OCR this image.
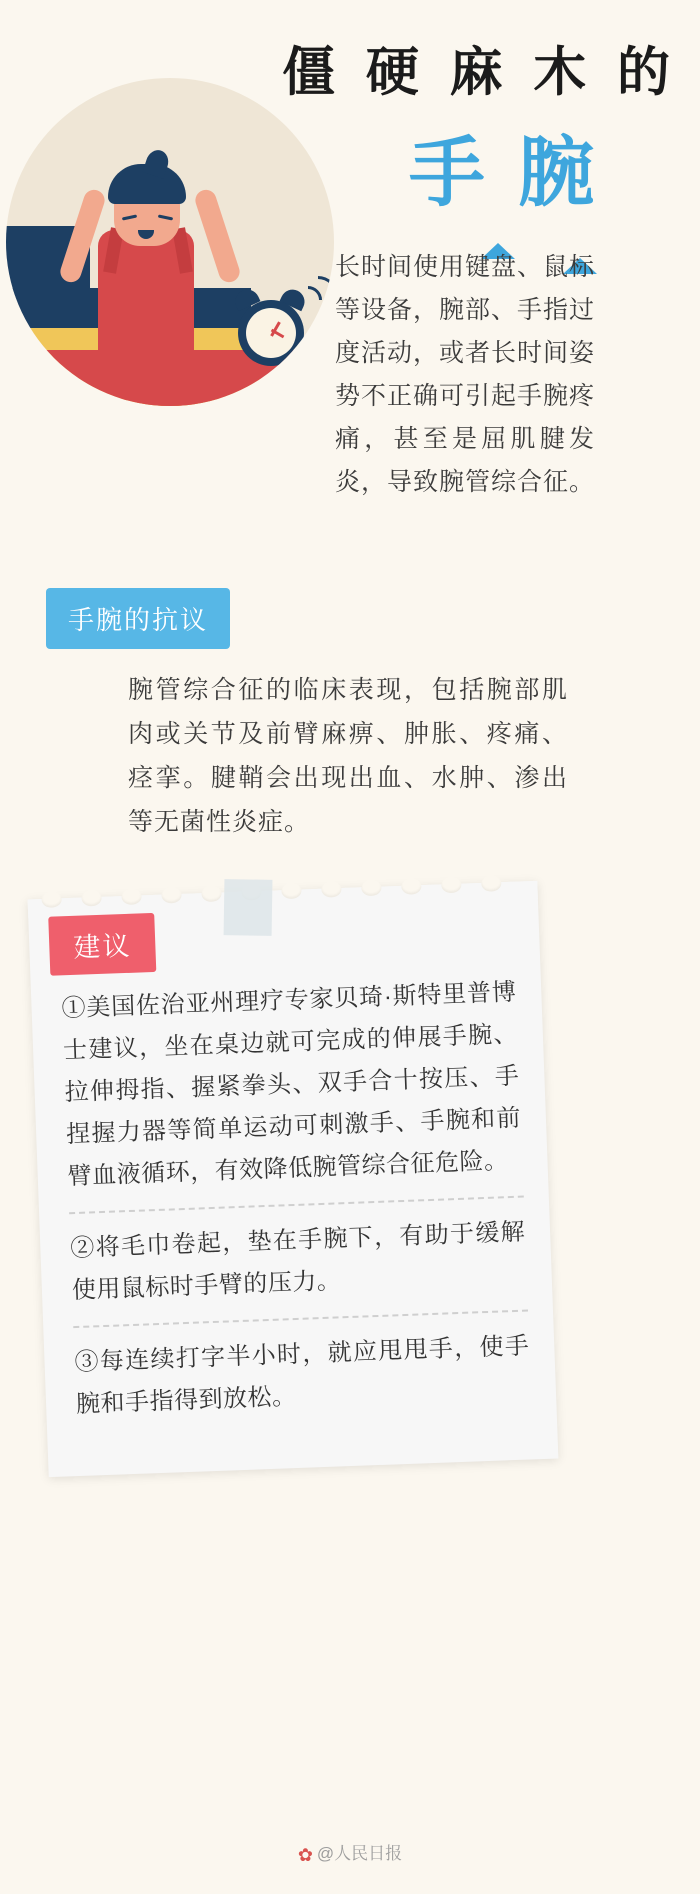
僵 硬 麻 木 的
手 腕
长时间使用键盘、鼠标等设备，腕部、手指过度活动，或者长时间姿势不正确可引起手腕疼痛，甚至是屈肌腱发炎，导致腕管综合征。
手腕的抗议
腕管综合征的临床表现，包括腕部肌肉或关节及前臂麻痹、肿胀、疼痛、痉挛。腱鞘会出现出血、水肿、渗出等无菌性炎症。
建议
①美国佐治亚州理疗专家贝琦·斯特里普博士建议，坐在桌边就可完成的伸展手腕、拉伸拇指、握紧拳头、双手合十按压、手捏握力器等简单运动可刺激手、手腕和前臂血液循环，有效降低腕管综合征危险。
②将毛巾卷起，垫在手腕下，有助于缓解使用鼠标时手臂的压力。
③每连续打字半小时，就应甩甩手，使手腕和手指得到放松。
✿ @人民日报
